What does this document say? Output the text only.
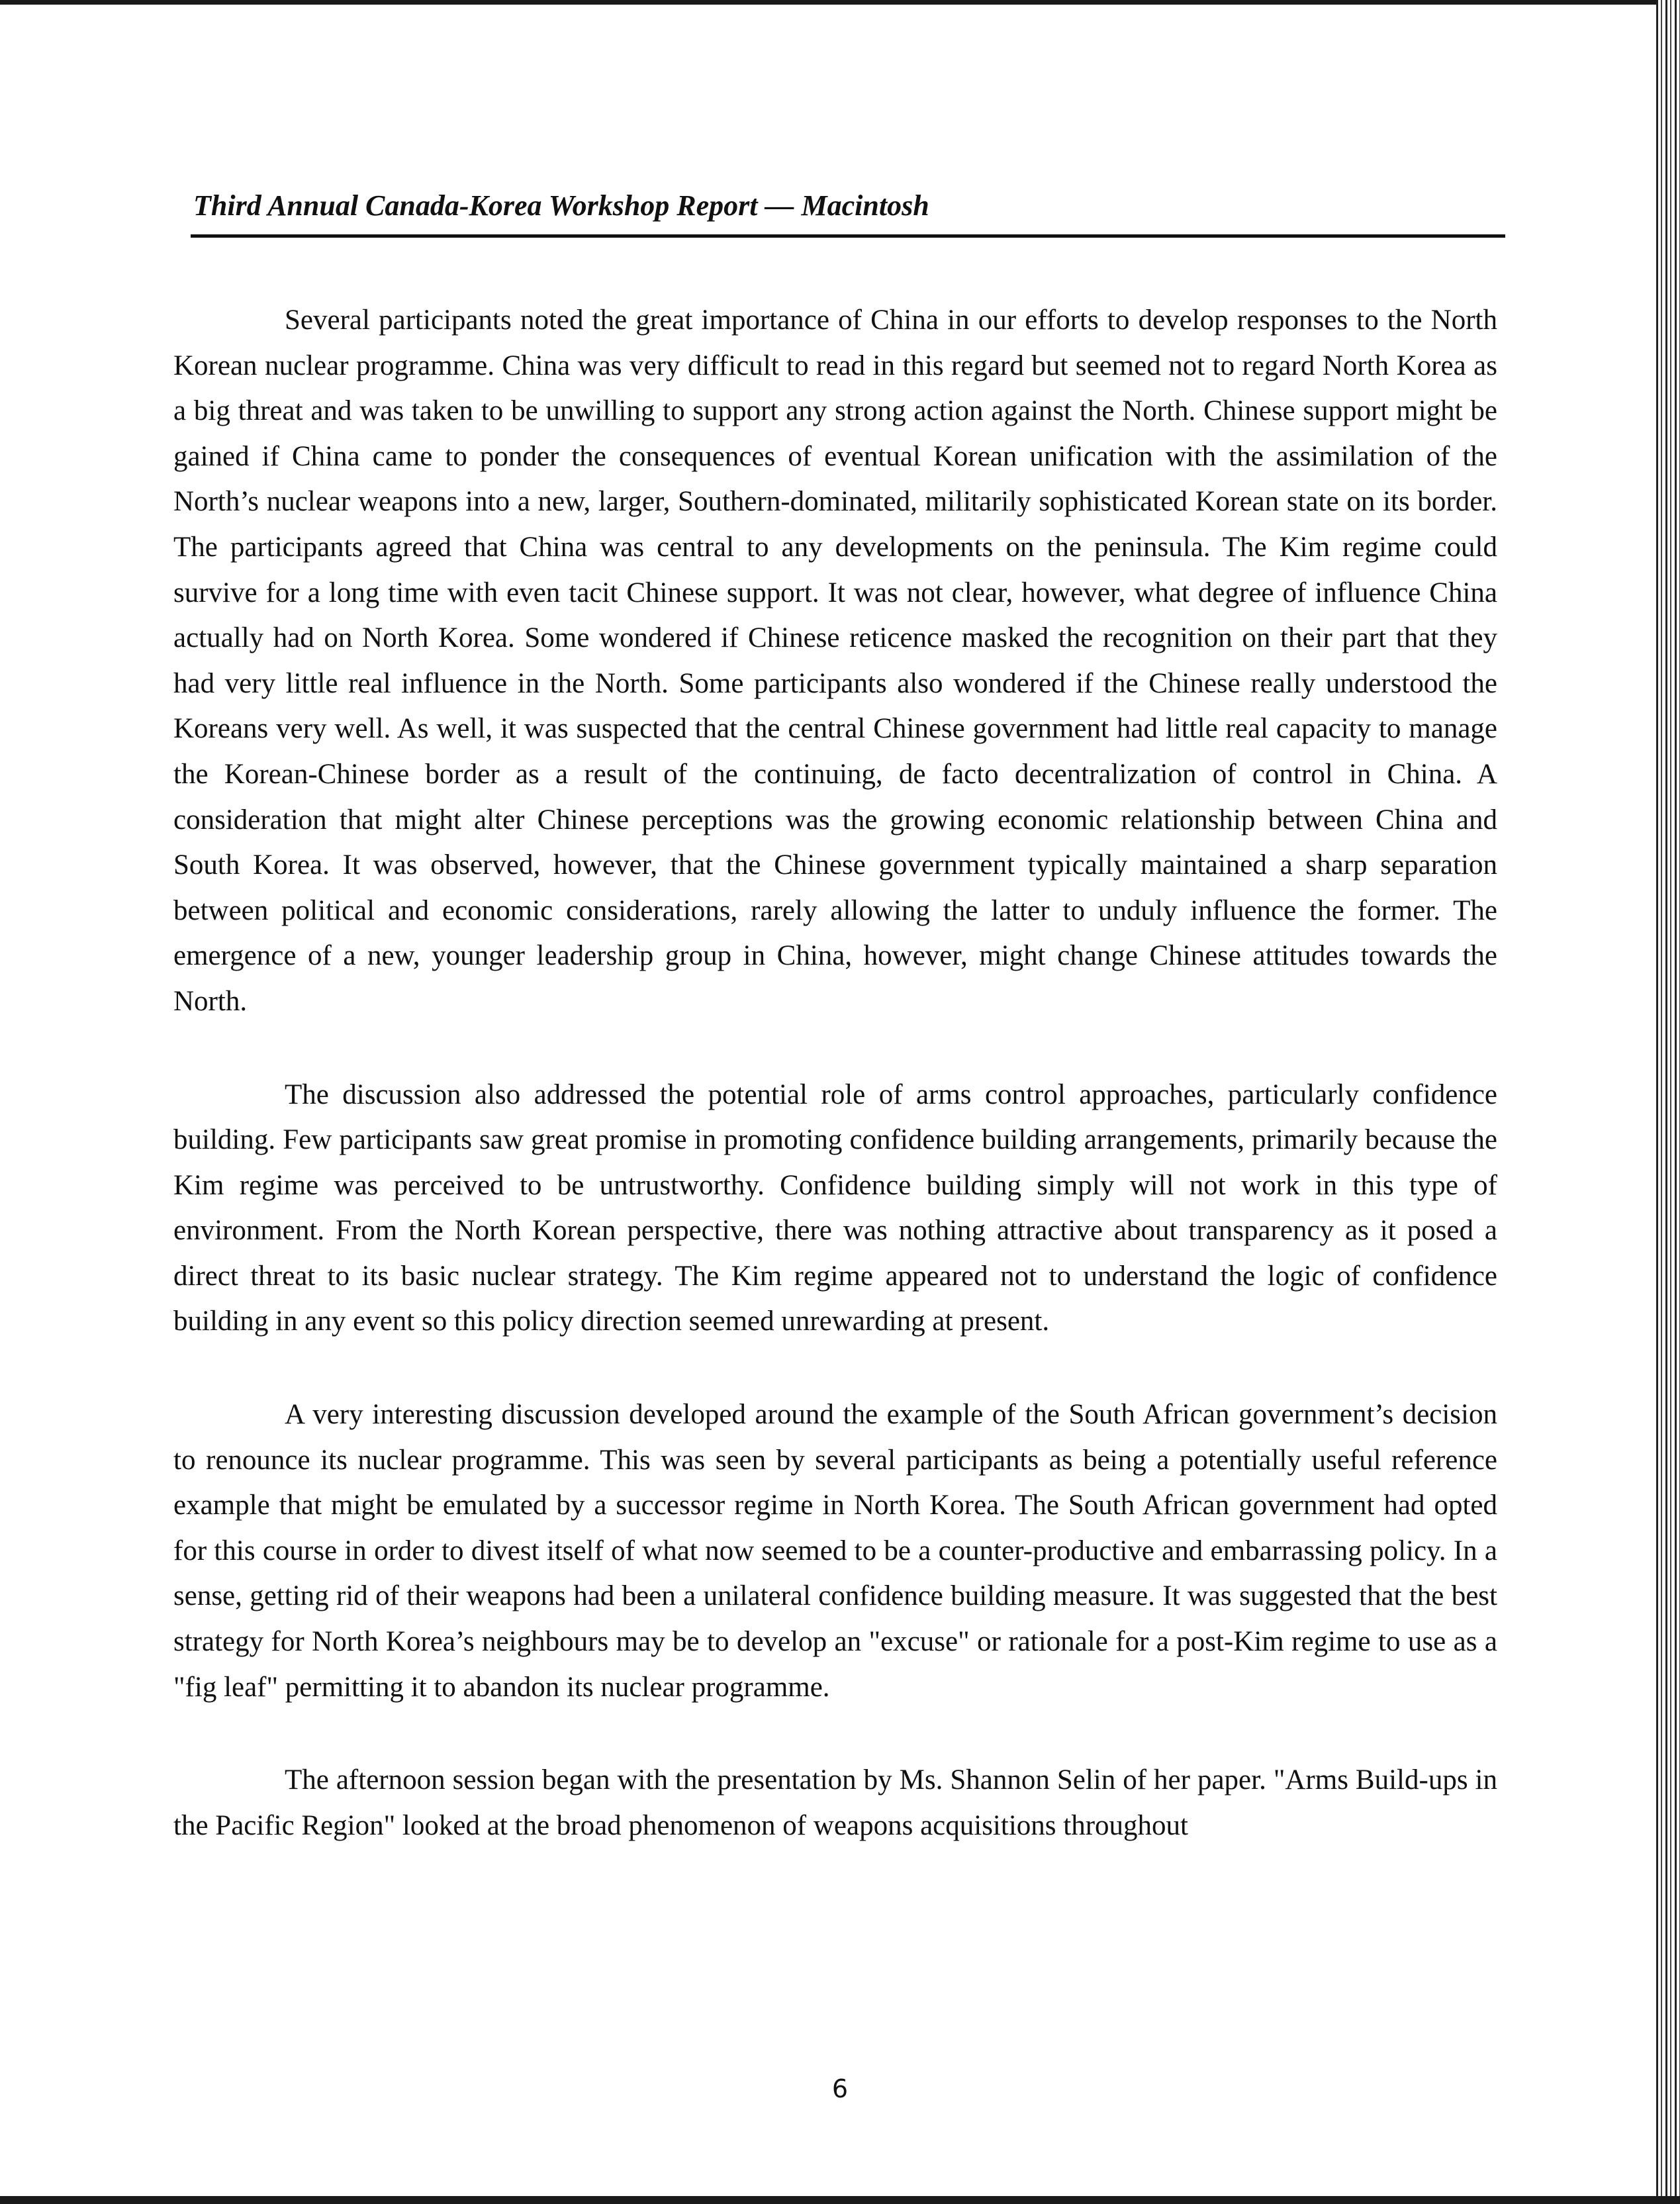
Third Annual Canada-Korea Workshop Report — Macintosh

Several participants noted the great importance of China in our efforts to develop responses to the North Korean nuclear programme. China was very difficult to read in this regard but seemed not to regard North Korea as a big threat and was taken to be unwilling to support any strong action against the North. Chinese support might be gained if China came to ponder the consequences of eventual Korean unification with the assimilation of the North’s nuclear weapons into a new, larger, Southern-dominated, militarily sophisticated Korean state on its border. The participants agreed that China was central to any developments on the peninsula. The Kim regime could survive for a long time with even tacit Chinese support. It was not clear, however, what degree of influence China actually had on North Korea. Some wondered if Chinese reticence masked the recognition on their part that they had very little real influence in the North. Some participants also wondered if the Chinese really understood the Koreans very well. As well, it was suspected that the central Chinese government had little real capacity to manage the Korean-Chinese border as a result of the continuing, de facto decentralization of control in China. A consideration that might alter Chinese perceptions was the growing economic relationship between China and South Korea. It was observed, however, that the Chinese government typically maintained a sharp separation between political and economic considerations, rarely allowing the latter to unduly influence the former. The emergence of a new, younger leadership group in China, however, might change Chinese attitudes towards the North.

The discussion also addressed the potential role of arms control approaches, particularly confidence building. Few participants saw great promise in promoting confidence building arrangements, primarily because the Kim regime was perceived to be untrustworthy. Confidence building simply will not work in this type of environment. From the North Korean perspective, there was nothing attractive about transparency as it posed a direct threat to its basic nuclear strategy. The Kim regime appeared not to understand the logic of confidence building in any event so this policy direction seemed unrewarding at present.

A very interesting discussion developed around the example of the South African government’s decision to renounce its nuclear programme. This was seen by several participants as being a potentially useful reference example that might be emulated by a successor regime in North Korea. The South African government had opted for this course in order to divest itself of what now seemed to be a counter-productive and embarrassing policy. In a sense, getting rid of their weapons had been a unilateral confidence building measure. It was suggested that the best strategy for North Korea’s neighbours may be to develop an "excuse" or rationale for a post-Kim regime to use as a "fig leaf" permitting it to abandon its nuclear programme.

The afternoon session began with the presentation by Ms. Shannon Selin of her paper. "Arms Build-ups in the Pacific Region" looked at the broad phenomenon of weapons acquisitions throughout

6
